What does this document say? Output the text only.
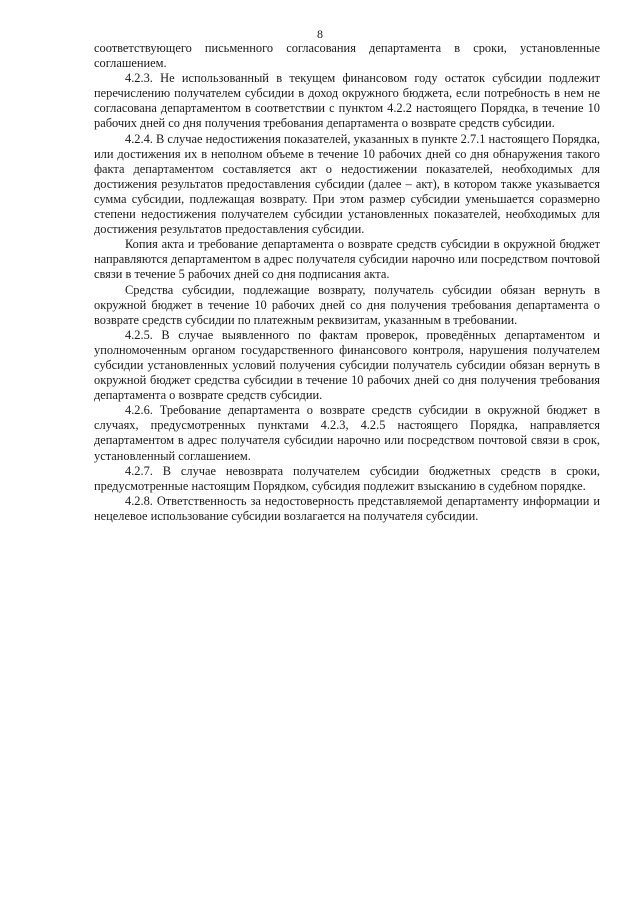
8

соответствующего письменного согласования департамента в сроки, установленные соглашением.

4.2.3. Не использованный в текущем финансовом году остаток субсидии подлежит перечислению получателем субсидии в доход окружного бюджета, если потребность в нем не согласована департаментом в соответствии с пунктом 4.2.2 настоящего Порядка, в течение 10 рабочих дней со дня получения требования департамента о возврате средств субсидии.

4.2.4. В случае недостижения показателей, указанных в пункте 2.7.1 настоящего Порядка, или достижения их в неполном объеме в течение 10 рабочих дней со дня обнаружения такого факта департаментом составляется акт о недостижении показателей, необходимых для достижения результатов предоставления субсидии (далее – акт), в котором также указывается сумма субсидии, подлежащая возврату. При этом размер субсидии уменьшается соразмерно степени недостижения получателем субсидии установленных показателей, необходимых для достижения результатов предоставления субсидии.

Копия акта и требование департамента о возврате средств субсидии в окружной бюджет направляются департаментом в адрес получателя субсидии нарочно или посредством почтовой связи в течение 5 рабочих дней со дня подписания акта.

Средства субсидии, подлежащие возврату, получатель субсидии обязан вернуть в окружной бюджет в течение 10 рабочих дней со дня получения требования департамента о возврате средств субсидии по платежным реквизитам, указанным в требовании.

4.2.5. В случае выявленного по фактам проверок, проведённых департаментом и уполномоченным органом государственного финансового контроля, нарушения получателем субсидии установленных условий получения субсидии получатель субсидии обязан вернуть в окружной бюджет средства субсидии в течение 10 рабочих дней со дня получения требования департамента о возврате средств субсидии.

4.2.6. Требование департамента о возврате средств субсидии в окружной бюджет в случаях, предусмотренных пунктами 4.2.3, 4.2.5 настоящего Порядка, направляется департаментом в адрес получателя субсидии нарочно или посредством почтовой связи в срок, установленный соглашением.

4.2.7. В случае невозврата получателем субсидии бюджетных средств в сроки, предусмотренные настоящим Порядком, субсидия подлежит взысканию в судебном порядке.

4.2.8. Ответственность за недостоверность представляемой департаменту информации и нецелевое использование субсидии возлагается на получателя субсидии.
